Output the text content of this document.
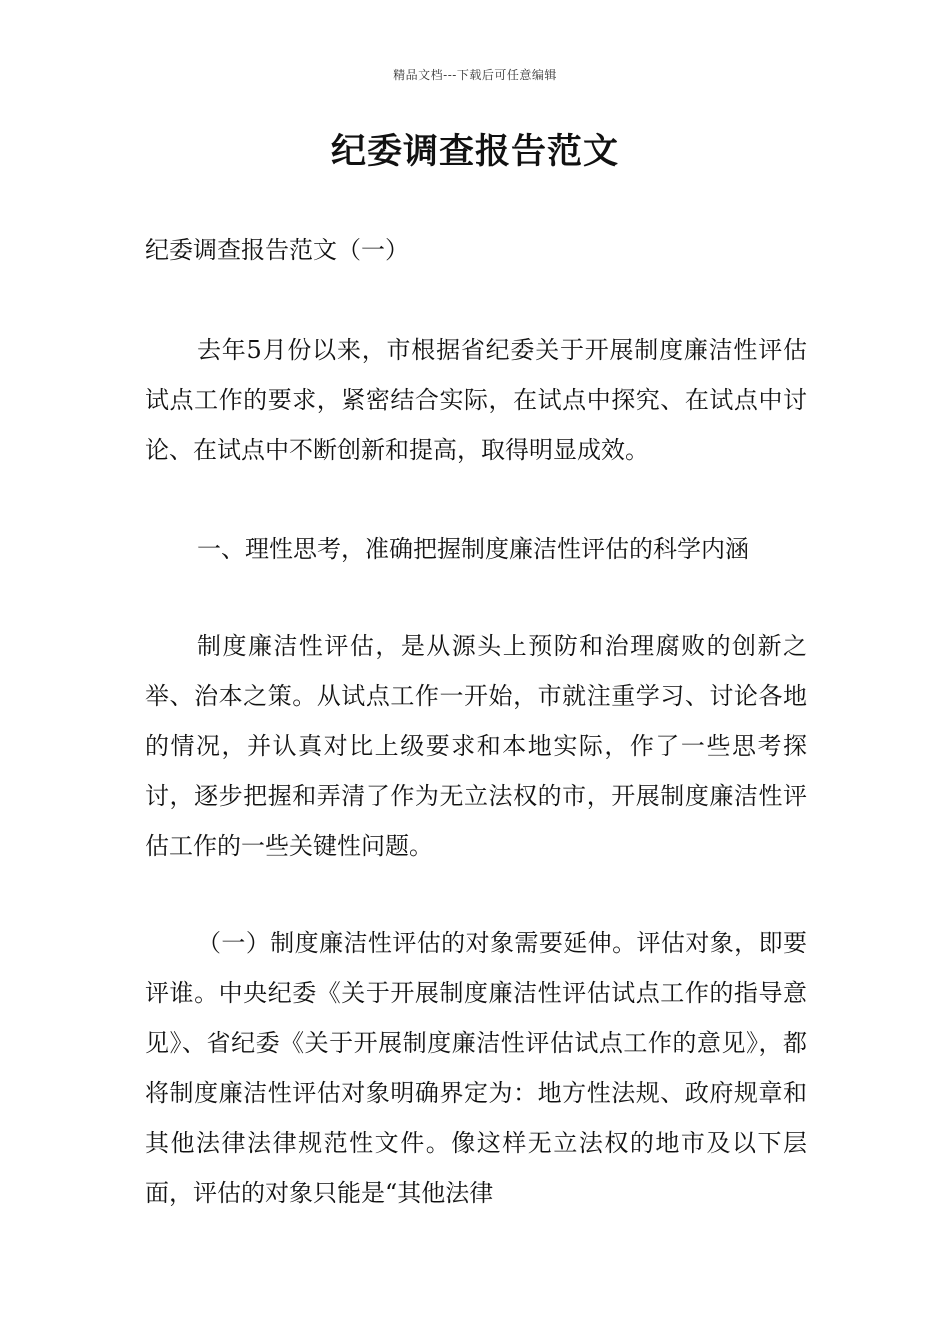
精品文档---下载后可任意编辑
纪委调查报告范文

纪委调查报告范文（一）

去年5月份以来，市根据省纪委关于开展制度廉洁性评估试点工作的要求，紧密结合实际，在试点中探究、在试点中讨论、在试点中不断创新和提高，取得明显成效。

一、理性思考，准确把握制度廉洁性评估的科学内涵

制度廉洁性评估，是从源头上预防和治理腐败的创新之举、治本之策。从试点工作一开始，市就注重学习、讨论各地的情况，并认真对比上级要求和本地实际，作了一些思考探讨，逐步把握和弄清了作为无立法权的市，开展制度廉洁性评估工作的一些关键性问题。

（一）制度廉洁性评估的对象需要延伸。评估对象，即要评谁。中央纪委《关于开展制度廉洁性评估试点工作的指导意见》、省纪委《关于开展制度廉洁性评估试点工作的意见》，都将制度廉洁性评估对象明确界定为：地方性法规、政府规章和其他法律法律规范性文件。像这样无立法权的地市及以下层面，评估的对象只能是“其他法律
